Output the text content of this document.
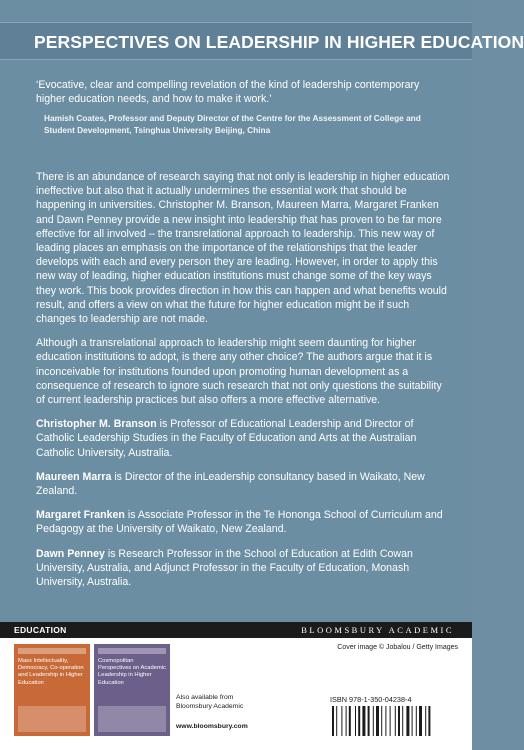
PERSPECTIVES ON LEADERSHIP IN HIGHER EDUCATION
‘Evocative, clear and compelling revelation of the kind of leadership contemporary higher education needs, and how to make it work.’
Hamish Coates, Professor and Deputy Director of the Centre for the Assessment of College and Student Development, Tsinghua University Beijing, China

There is an abundance of research saying that not only is leadership in higher education ineffective but also that it actually undermines the essential work that should be happening in universities. Christopher M. Branson, Maureen Marra, Margaret Franken and Dawn Penney provide a new insight into leadership that has proven to be far more effective for all involved – the transrelational approach to leadership. This new way of leading places an emphasis on the importance of the relationships that the leader develops with each and every person they are leading. However, in order to apply this new way of leading, higher education institutions must change some of the key ways they work. This book provides direction in how this can happen and what benefits would result, and offers a view on what the future for higher education might be if such changes to leadership are not made.

Although a transrelational approach to leadership might seem daunting for higher education institutions to adopt, is there any other choice? The authors argue that it is inconceivable for institutions founded upon promoting human development as a consequence of research to ignore such research that not only questions the suitability of current leadership practices but also offers a more effective alternative.

Christopher M. Branson is Professor of Educational Leadership and Director of Catholic Leadership Studies in the Faculty of Education and Arts at the Australian Catholic University, Australia.

Maureen Marra is Director of the inLeadership consultancy based in Waikato, New Zealand.

Margaret Franken is Associate Professor in the Te Hononga School of Curriculum and Pedagogy at the University of Waikato, New Zealand.

Dawn Penney is Research Professor in the School of Education at Edith Cowan University, Australia, and Adjunct Professor in the Faculty of Education, Monash University, Australia.

EDUCATION	BLOOMSBURY ACADEMIC
Mass Intellectuality, Democracy, Co-operation and Leadership in Higher Education
Cosmopolitan Perspectives on Academic Leadership in Higher Education
Also available from Bloomsbury Academic
www.bloomsbury.com
Cover image © Jobalou / Getty Images
ISBN 978-1-350-04238-4
